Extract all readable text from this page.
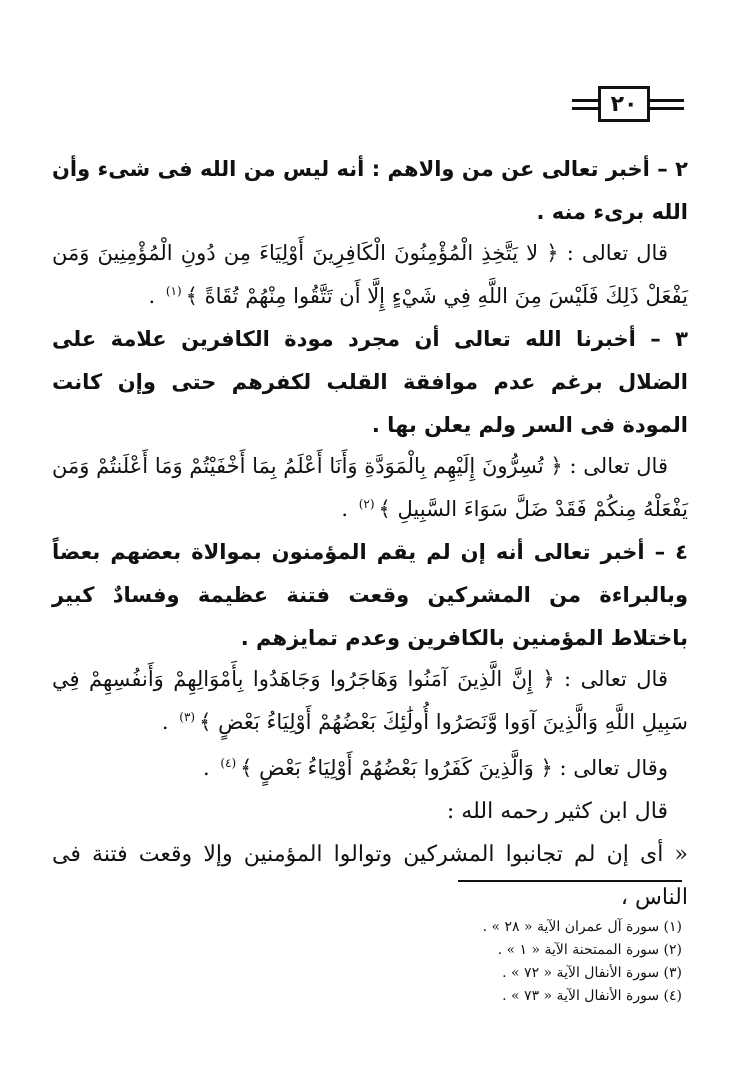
٢٠

٢ – أخبر تعالى عن من والاهم : أنه ليس من الله فى شىء وأن الله برىء منه .

قال تعالى : ﴿ لا يَتَّخِذِ الْمُؤْمِنُونَ الْكَافِرِينَ أَوْلِيَاءَ مِن دُونِ الْمُؤْمِنِينَ وَمَن يَفْعَلْ ذَلِكَ فَلَيْسَ مِنَ اللَّهِ فِي شَيْءٍ إِلَّا أَن تَتَّقُوا مِنْهُمْ تُقَاةً ﴾$^{(١)}$ .

٣ – أخبرنا الله تعالى أن مجرد مودة الكافرين علامة على الضلال برغم عدم موافقة القلب لكفرهم حتى وإن كانت المودة فى السر ولم يعلن بها .

قال تعالى : ﴿ تُسِرُّونَ إِلَيْهِم بِالْمَوَدَّةِ وَأَنَا أَعْلَمُ بِمَا أَخْفَيْتُمْ وَمَا أَعْلَنتُمْ وَمَن يَفْعَلْهُ مِنكُمْ فَقَدْ ضَلَّ سَوَاءَ السَّبِيلِ ﴾$^{(٢)}$ .

٤ – أخبر تعالى أنه إن لم يقم المؤمنون بموالاة بعضهم بعضاً وبالبراءة من المشركين وقعت فتنة عظيمة وفسادٌ كبير باختلاط المؤمنين بالكافرين وعدم تمايزهم .

قال تعالى : ﴿ إِنَّ الَّذِينَ آمَنُوا وَهَاجَرُوا وَجَاهَدُوا بِأَمْوَالِهِمْ وَأَنفُسِهِمْ فِي سَبِيلِ اللَّهِ وَالَّذِينَ آوَوا وَّنَصَرُوا أُولَٰئِكَ بَعْضُهُمْ أَوْلِيَاءُ بَعْضٍ ﴾$^{(٣)}$ .

وقال تعالى : ﴿ وَالَّذِينَ كَفَرُوا بَعْضُهُمْ أَوْلِيَاءُ بَعْضٍ ﴾$^{(٤)}$ .

قال ابن كثير رحمه الله :

« أى إن لم تجانبوا المشركين وتوالوا المؤمنين وإلا وقعت فتنة فى الناس ،

(١) سورة آل عمران الآية « ٢٨ » .
(٢) سورة الممتحنة الآية « ١ » .
(٣) سورة الأنفال الآية « ٧٢ » .
(٤) سورة الأنفال الآية « ٧٣ » .
